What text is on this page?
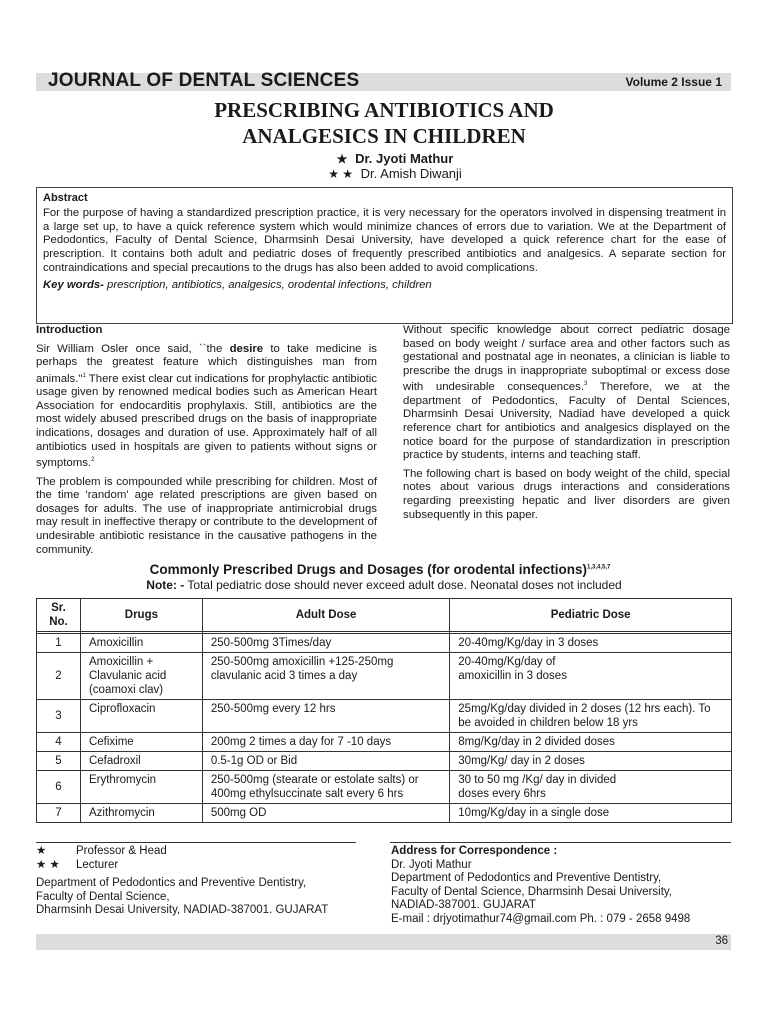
JOURNAL OF DENTAL SCIENCES	Volume 2 Issue 1
PRESCRIBING ANTIBIOTICS AND
ANALGESICS IN CHILDREN
★ Dr. Jyoti Mathur
★ ★ Dr. Amish Diwanji
Abstract

For the purpose of having a standardized prescription practice, it is very necessary for the operators involved in dispensing treatment in a large set up, to have a quick reference system which would minimize chances of errors due to variation. We at the Department of Pedodontics, Faculty of Dental Science, Dharmsinh Desai University, have developed a quick reference chart for the ease of prescription. It contains both adult and pediatric doses of frequently prescribed antibiotics and analgesics. A separate section for contraindications and special precautions to the drugs has also been added to avoid complications.

Key words- prescription, antibiotics, analgesics, orodental infections, children

Introduction

Sir William Osler once said, ``the desire to take medicine is perhaps the greatest feature which distinguishes man from animals."$^1$ There exist clear cut indications for prophylactic antibiotic usage given by renowned medical bodies such as American Heart Association for endocarditis prophylaxis. Still, antibiotics are the most widely abused prescribed drugs on the basis of inappropriate indications, dosages and duration of use. Approximately half of all antibiotics used in hospitals are given to patients without signs or symptoms.$^2$

The problem is compounded while prescribing for children. Most of the time 'random' age related prescriptions are given based on dosages for adults. The use of inappropriate antimicrobial drugs may result in ineffective therapy or contribute to the development of undesirable antibiotic resistance in the causative pathogens in the community.

Without specific knowledge about correct pediatric dosage based on body weight / surface area and other factors such as gestational and postnatal age in neonates, a clinician is liable to prescribe the drugs in inappropriate suboptimal or excess dose with undesirable consequences.$^3$ Therefore, we at the department of Pedodontics, Faculty of Dental Sciences, Dharmsinh Desai University, Nadiad have developed a quick reference chart for antibiotics and analgesics displayed on the notice board for the purpose of standardization in prescription practice by students, interns and teaching staff.

The following chart is based on body weight of the child, special notes about various drugs interactions and considerations regarding preexisting hepatic and liver disorders are given subsequently in this paper.

Commonly Prescribed Drugs and Dosages (for orodental infections)$^{1,3,4,5,7}$
Note: - Total pediatric dose should never exceed adult dose. Neonatal doses not included
Sr. No.	Drugs	Adult Dose	Pediatric Dose

1	Amoxicillin	250-500mg 3Times/day	20-40mg/Kg/day in 3 doses
2	Amoxicillin + Clavulanic acid (coamoxi clav)	250-500mg amoxicillin +125-250mg clavulanic acid 3 times a day	20-40mg/Kg/day of amoxicillin in 3 doses
3	Ciprofloxacin	250-500mg every 12 hrs	25mg/Kg/day divided in 2 doses (12 hrs each). To be avoided in children below 18 yrs
4	Cefixime	200mg 2 times a day for 7 -10 days	8mg/Kg/day in 2 divided doses
5	Cefadroxil	0.5-1g OD or Bid	30mg/Kg/ day in 2 doses
6	Erythromycin	250-500mg (stearate or estolate salts) or 400mg ethylsuccinate salt every 6 hrs	30 to 50 mg /Kg/ day in divided doses every 6hrs
7	Azithromycin	500mg OD	10mg/Kg/day in a single dose
★	Professor & Head
★ ★ Lecturer
Department of Pedodontics and Preventive Dentistry,
Faculty of Dental Science,
Dharmsinh Desai University, NADIAD-387001. GUJARAT
Address for Correspondence :
Dr. Jyoti Mathur
Department of Pedodontics and Preventive Dentistry,
Faculty of Dental Science, Dharmsinh Desai University,
NADIAD-387001. GUJARAT
E-mail : drjyotimathur74@gmail.com Ph. : 079 - 2658 9498
36
